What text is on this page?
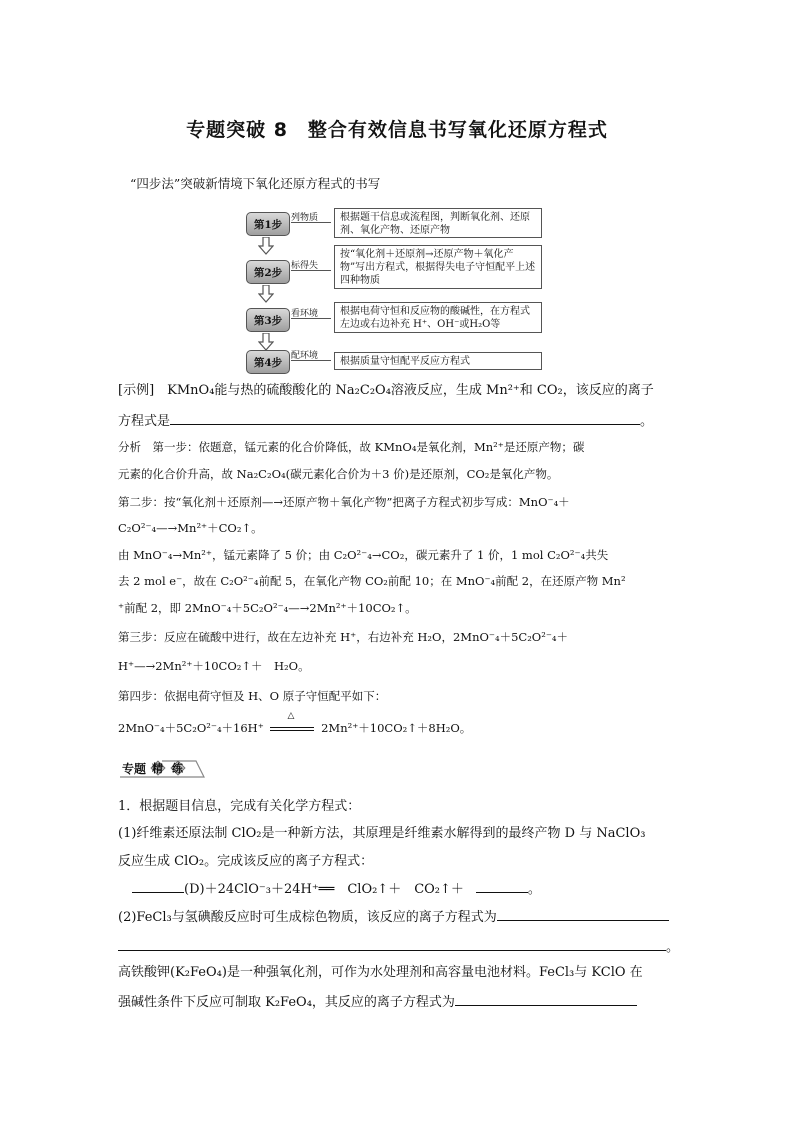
专题突破 8　整合有效信息书写氧化还原方程式
“四步法”突破新情境下氧化还原方程式的书写
第1步
列物质	根据题干信息或流程图，判断氧化剂、还原剂、氧化产物、还原产物
第2步
标得失
按“氧化剂＋还原剂→还原产物＋氧化产物”写出方程式，根据得失电子守恒配平上述四种物质
第3步
看环境	根据电荷守恒和反应物的酸碱性，在方程式左边或右边补充 H⁺、OH⁻或H₂O等
第4步
配环境	根据质量守恒配平反应方程式
[示例]　KMnO₄能与热的硫酸酸化的 Na₂C₂O₄溶液反应，生成 Mn²⁺和 CO₂，该反应的离子
方程式是	。
分析　第一步：依题意，锰元素的化合价降低，故 KMnO₄是氧化剂，Mn²⁺是还原产物；碳
元素的化合价升高，故 Na₂C₂O₄(碳元素化合价为＋3 价)是还原剂，CO₂是氧化产物。
第二步：按“氧化剂＋还原剂—→还原产物＋氧化产物”把离子方程式初步写成：MnO⁻₄＋
C₂O²⁻₄—→Mn²⁺＋CO₂↑。
由 MnO⁻₄→Mn²⁺，锰元素降了 5 价；由 C₂O²⁻₄→CO₂，碳元素升了 1 价，1 mol C₂O²⁻₄共失
去 2 mol e⁻，故在 C₂O²⁻₄前配 5，在氧化产物 CO₂前配 10；在 MnO⁻₄前配 2，在还原产物 Mn²
⁺前配 2，即 2MnO⁻₄＋5C₂O²⁻₄—→2Mn²⁺＋10CO₂↑。
第三步：反应在硫酸中进行，故在左边补充 H⁺，右边补充 H₂O，2MnO⁻₄＋5C₂O²⁻₄＋
H⁺—→2Mn²⁺＋10CO₂↑＋　H₂O。
第四步：依据电荷守恒及 H、O 原子守恒配平如下：
2MnO⁻₄＋5C₂O²⁻₄＋16H⁺
△
2Mn²⁺＋10CO₂↑＋8H₂O。
专题 精 练
1．根据题目信息，完成有关化学方程式：
(1)纤维素还原法制 ClO₂是一种新方法，其原理是纤维素水解得到的最终产物 D 与 NaClO₃
反应生成 ClO₂。完成该反应的离子方程式：
(D)＋24ClO⁻₃＋24H⁺══　ClO₂↑＋　CO₂↑＋	。
(2)FeCl₃与氢碘酸反应时可生成棕色物质，该反应的离子方程式为
。
高铁酸钾(K₂FeO₄)是一种强氧化剂，可作为水处理剂和高容量电池材料。FeCl₃与 KClO 在
强碱性条件下反应可制取 K₂FeO₄，其反应的离子方程式为
